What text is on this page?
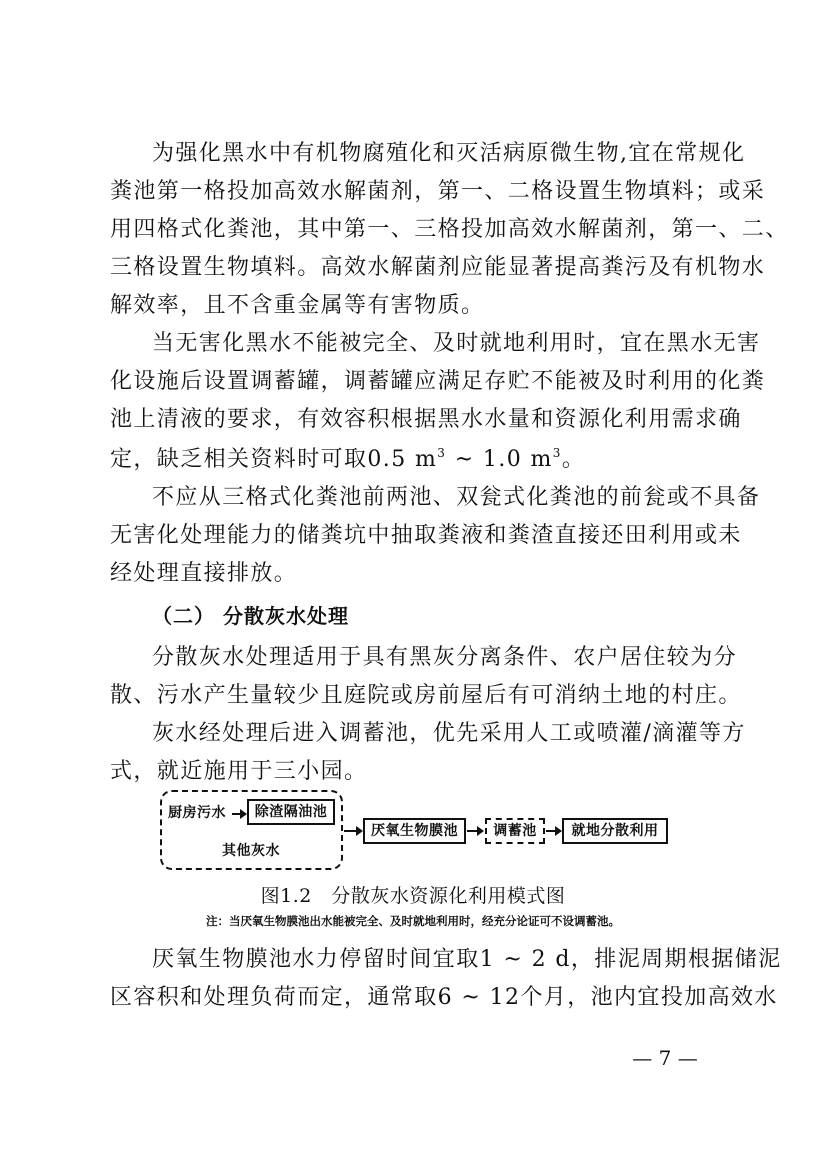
为强化黑水中有机物腐殖化和灭活病原微生物,宜在常规化
粪池第一格投加高效水解菌剂，第一、二格设置生物填料；或采
用四格式化粪池，其中第一、三格投加高效水解菌剂，第一、二、
三格设置生物填料。高效水解菌剂应能显著提高粪污及有机物水
解效率，且不含重金属等有害物质。
当无害化黑水不能被完全、及时就地利用时，宜在黑水无害
化设施后设置调蓄罐，调蓄罐应满足存贮不能被及时利用的化粪
池上清液的要求，有效容积根据黑水水量和资源化利用需求确
定，缺乏相关资料时可取0.5 $m^3$ ~ 1.0 $m^3$。
不应从三格式化粪池前两池、双瓮式化粪池的前瓮或不具备
无害化处理能力的储粪坑中抽取粪液和粪渣直接还田利用或未
经处理直接排放。
（二） 分散灰水处理
分散灰水处理适用于具有黑灰分离条件、农户居住较为分
散、污水产生量较少且庭院或房前屋后有可消纳土地的村庄。
灰水经处理后进入调蓄池，优先采用人工或喷灌/滴灌等方
式，就近施用于三小园。
厨房污水	除渣隔油池
其他灰水
厌氧生物膜池	调蓄池	就地分散利用
图1.2　分散灰水资源化利用模式图
注：当厌氧生物膜池出水能被完全、及时就地利用时，经充分论证可不设调蓄池。
厌氧生物膜池水力停留时间宜取1 ~ 2 d，排泥周期根据储泥
区容积和处理负荷而定，通常取6 ~ 12个月，池内宜投加高效水
— 7 —
